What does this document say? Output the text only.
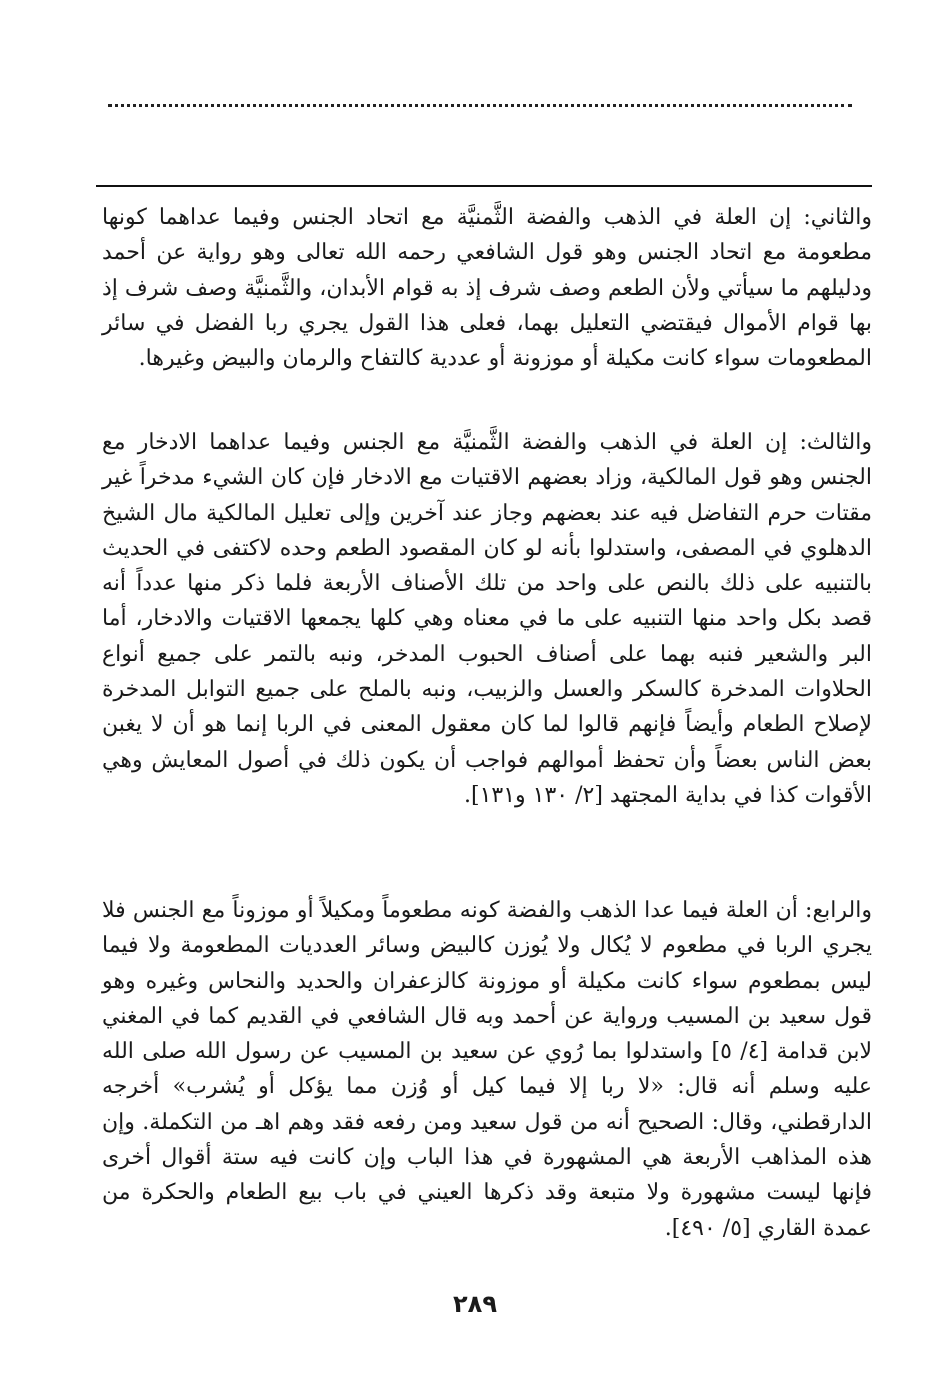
والثاني: إن العلة في الذهب والفضة الثَّمنيَّة مع اتحاد الجنس وفيما عداهما كونها مطعومة مع اتحاد الجنس وهو قول الشافعي رحمه الله تعالى وهو رواية عن أحمد ودليلهم ما سيأتي ولأن الطعم وصف شرف إذ به قوام الأبدان، والثَّمنيَّة وصف شرف إذ بها قوام الأموال فيقتضي التعليل بهما، فعلى هذا القول يجري ربا الفضل في سائر المطعومات سواء كانت مكيلة أو موزونة أو عددية كالتفاح والرمان والبيض وغيرها.
والثالث: إن العلة في الذهب والفضة الثَّمنيَّة مع الجنس وفيما عداهما الادخار مع الجنس وهو قول المالكية، وزاد بعضهم الاقتيات مع الادخار فإن كان الشيء مدخراً غير مقتات حرم التفاضل فيه عند بعضهم وجاز عند آخرين وإلى تعليل المالكية مال الشيخ الدهلوي في المصفى، واستدلوا بأنه لو كان المقصود الطعم وحده لاكتفى في الحديث بالتنبيه على ذلك بالنص على واحد من تلك الأصناف الأربعة فلما ذكر منها عدداً أنه قصد بكل واحد منها التنبيه على ما في معناه وهي كلها يجمعها الاقتيات والادخار، أما البر والشعير فنبه بهما على أصناف الحبوب المدخر، ونبه بالتمر على جميع أنواع الحلاوات المدخرة كالسكر والعسل والزبيب، ونبه بالملح على جميع التوابل المدخرة لإصلاح الطعام وأيضاً فإنهم قالوا لما كان معقول المعنى في الربا إنما هو أن لا يغبن بعض الناس بعضاً وأن تحفظ أموالهم فواجب أن يكون ذلك في أصول المعايش وهي الأقوات كذا في بداية المجتهد [٢/ ١٣٠ و١٣١].
والرابع: أن العلة فيما عدا الذهب والفضة كونه مطعوماً ومكيلاً أو موزوناً مع الجنس فلا يجري الربا في مطعوم لا يُكال ولا يُوزن كالبيض وسائر العدديات المطعومة ولا فيما ليس بمطعوم سواء كانت مكيلة أو موزونة كالزعفران والحديد والنحاس وغيره وهو قول سعيد بن المسيب ورواية عن أحمد وبه قال الشافعي في القديم كما في المغني لابن قدامة [٤/ ٥] واستدلوا بما رُوي عن سعيد بن المسيب عن رسول الله صلى الله عليه وسلم أنه قال: «لا ربا إلا فيما كيل أو وُزن مما يؤكل أو يُشرب» أخرجه الدارقطني، وقال: الصحيح أنه من قول سعيد ومن رفعه فقد وهم اهـ من التكملة. وإن هذه المذاهب الأربعة هي المشهورة في هذا الباب وإن كانت فيه ستة أقوال أخرى فإنها ليست مشهورة ولا متبعة وقد ذكرها العيني في باب بيع الطعام والحكرة من عمدة القاري [٥/ ٤٩٠].
٢٨٩
